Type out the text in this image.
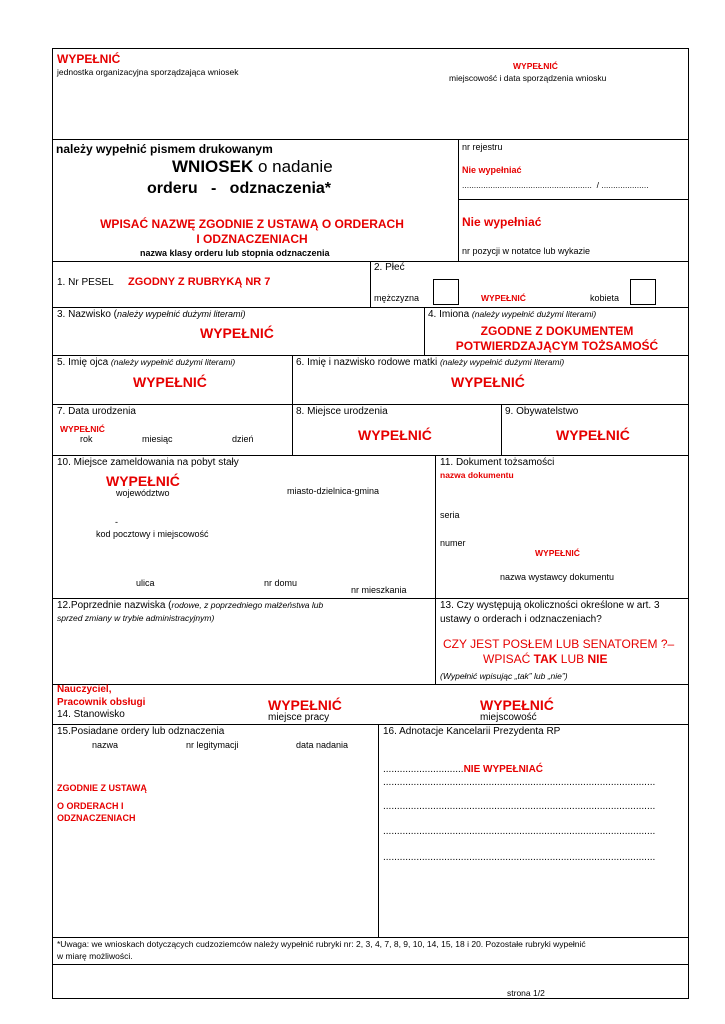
WYPEŁNIĆ
jednostka organizacyjna sporządzająca wniosek
WYPEŁNIĆ
miejscowość i data sporządzenia wniosku
należy wypełnić pismem drukowanym
WNIOSEK o nadanie
orderu   -   odznaczenia*
WPISAĆ NAZWĘ ZGODNIE Z USTAWĄ O ORDERACH
I ODZNACZENIACH
nazwa klasy orderu lub stopnia odznaczenia
nr rejestru
Nie wypełniać
.......................................................  / ....................
Nie wypełniać
nr pozycji w notatce lub wykazie
1. Nr PESEL ZGODNY Z RUBRYKĄ NR 7
2. Płeć
mężczyzna	WYPEŁNIĆ	kobieta
3. Nazwisko (należy wypełnić dużymi literami)
WYPEŁNIĆ
4. Imiona (należy wypełnić dużymi literami)
ZGODNE Z DOKUMENTEM
POTWIERDZAJĄCYM TOŻSAMOŚĆ
5. Imię ojca (należy wypełnić dużymi literami)
WYPEŁNIĆ
6. Imię i nazwisko rodowe matki (należy wypełnić dużymi literami)
WYPEŁNIĆ
7. Data urodzenia
WYPEŁNIĆ
rok	miesiąc	dzień
8. Miejsce urodzenia
WYPEŁNIĆ
9. Obywatelstwo
WYPEŁNIĆ
10. Miejsce zameldowania na pobyt stały
WYPEŁNIĆ
województwo	miasto-dzielnica-gmina
-
kod pocztowy i miejscowość
ulica	nr domu
nr mieszkania
11. Dokument tożsamości
nazwa dokumentu
seria
numer
WYPEŁNIĆ
nazwa wystawcy dokumentu
12.Poprzednie nazwiska (rodowe, z poprzedniego małżeństwa lub
sprzed zmiany w trybie administracyjnym)
13. Czy występują okoliczności określone w art. 3
ustawy o orderach i odznaczeniach?
CZY JEST POSŁEM LUB SENATOREM ?–
WPISAĆ TAK LUB NIE
(Wypełnić wpisując „tak” lub „nie”)
Nauczyciel,
Pracownik obsługi
14. Stanowisko
WYPEŁNIĆ
miejsce pracy
WYPEŁNIĆ
miejscowość
15.Posiadane ordery lub odznaczenia
nazwa	nr legitymacji	data nadania
ZGODNIE Z USTAWĄ
O ORDERACH I
ODZNACZENIACH
16. Adnotacje Kancelarii Prezydenta RP
.............................NIE WYPEŁNIAĆ
..................................................................................................
..................................................................................................
..................................................................................................
..................................................................................................
*Uwaga: we wnioskach dotyczących cudzoziemców należy wypełnić rubryki nr: 2, 3, 4, 7, 8, 9, 10, 14, 15, 18 i 20. Pozostałe rubryki wypełnić
w miarę możliwości.
strona 1/2
